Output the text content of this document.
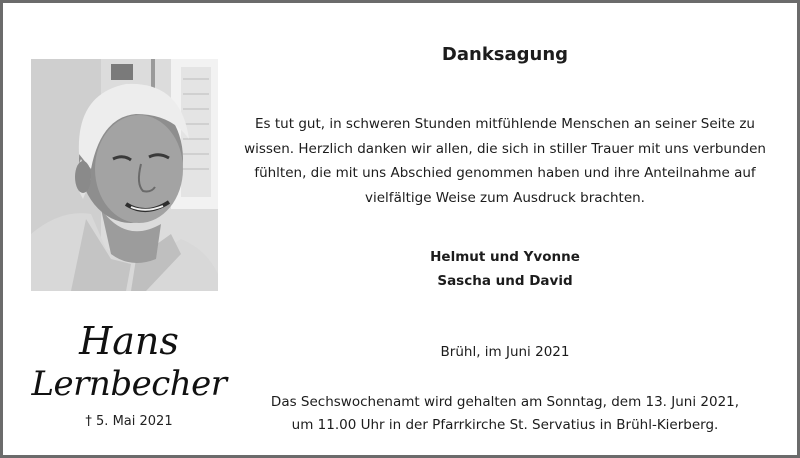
Hans
Lernbecher
† 5. Mai 2021
Danksagung
Es tut gut, in schweren Stunden mitfühlende Menschen an seiner Seite zu
wissen. Herzlich danken wir allen, die sich in stiller Trauer mit uns verbunden
fühlten, die mit uns Abschied genommen haben und ihre Anteilnahme auf
vielfältige Weise zum Ausdruck brachten.
Helmut und Yvonne
Sascha und David
Brühl, im Juni 2021
Das Sechswochenamt wird gehalten am Sonntag, dem 13. Juni 2021,
um 11.00 Uhr in der Pfarrkirche St. Servatius in Brühl-Kierberg.
